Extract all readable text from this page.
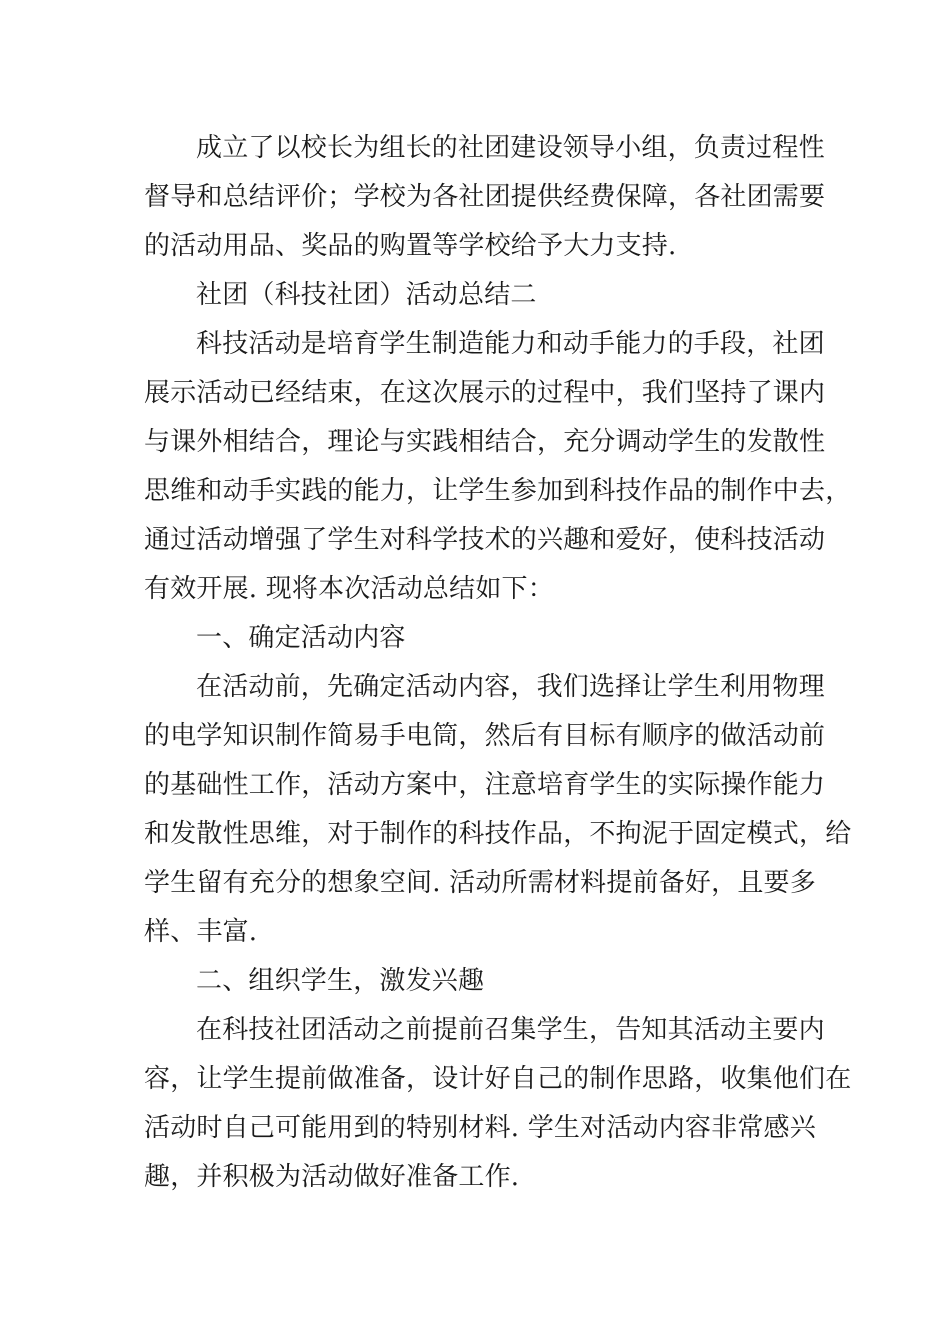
成立了以校长为组长的社团建设领导小组，负责过程性

督导和总结评价；学校为各社团提供经费保障，各社团需要

的活动用品、奖品的购置等学校给予大力支持.

社团（科技社团）活动总结二

科技活动是培育学生制造能力和动手能力的手段，社团

展示活动已经结束，在这次展示的过程中，我们坚持了课内

与课外相结合，理论与实践相结合，充分调动学生的发散性

思维和动手实践的能力，让学生参加到科技作品的制作中去，

通过活动增强了学生对科学技术的兴趣和爱好，使科技活动

有效开展. 现将本次活动总结如下：

一、确定活动内容

在活动前，先确定活动内容，我们选择让学生利用物理

的电学知识制作简易手电筒，然后有目标有顺序的做活动前

的基础性工作，活动方案中，注意培育学生的实际操作能力

和发散性思维，对于制作的科技作品，不拘泥于固定模式，给

学生留有充分的想象空间. 活动所需材料提前备好，且要多

样、丰富.

二、组织学生，激发兴趣

在科技社团活动之前提前召集学生，告知其活动主要内

容，让学生提前做准备，设计好自己的制作思路，收集他们在

活动时自己可能用到的特别材料. 学生对活动内容非常感兴

趣，并积极为活动做好准备工作.
